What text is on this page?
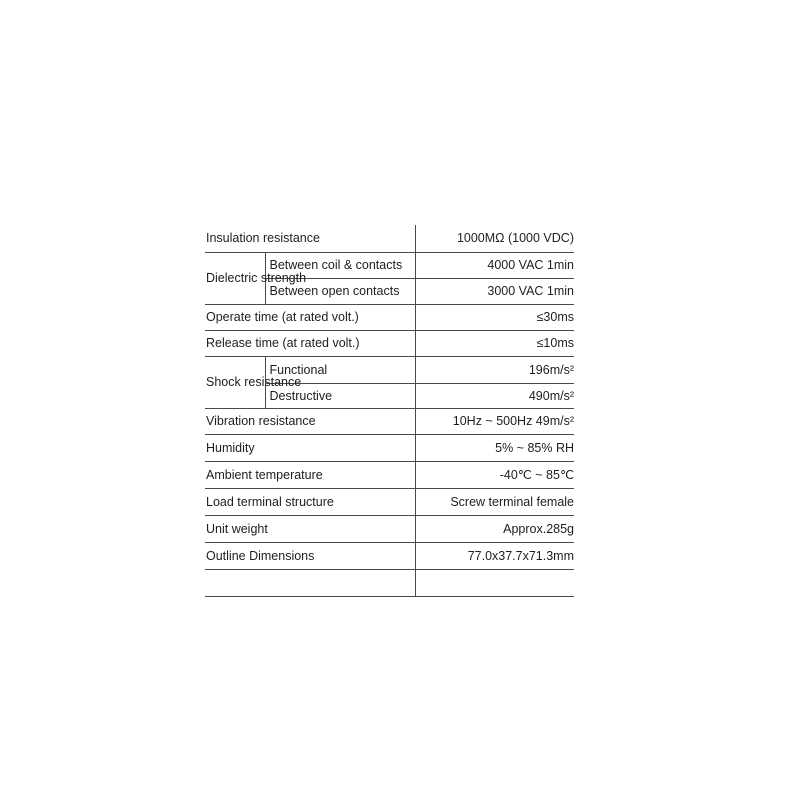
Insulation resistance		1000MΩ (1000 VDC)
Dielectric strength	Between coil & contacts	4000 VAC 1min
	Between open contacts	3000 VAC 1min
Operate time (at rated volt.)		≤30ms
Release time (at rated volt.)		≤10ms
Shock resistance	Functional	196m/s²
	Destructive	490m/s²
Vibration resistance		10Hz ~ 500Hz 49m/s²
Humidity		5% ~ 85% RH
Ambient temperature		-40℃ ~ 85℃
Load terminal structure		Screw terminal female
Unit weight		Approx.285g
Outline Dimensions		77.0x37.7x71.3mm
